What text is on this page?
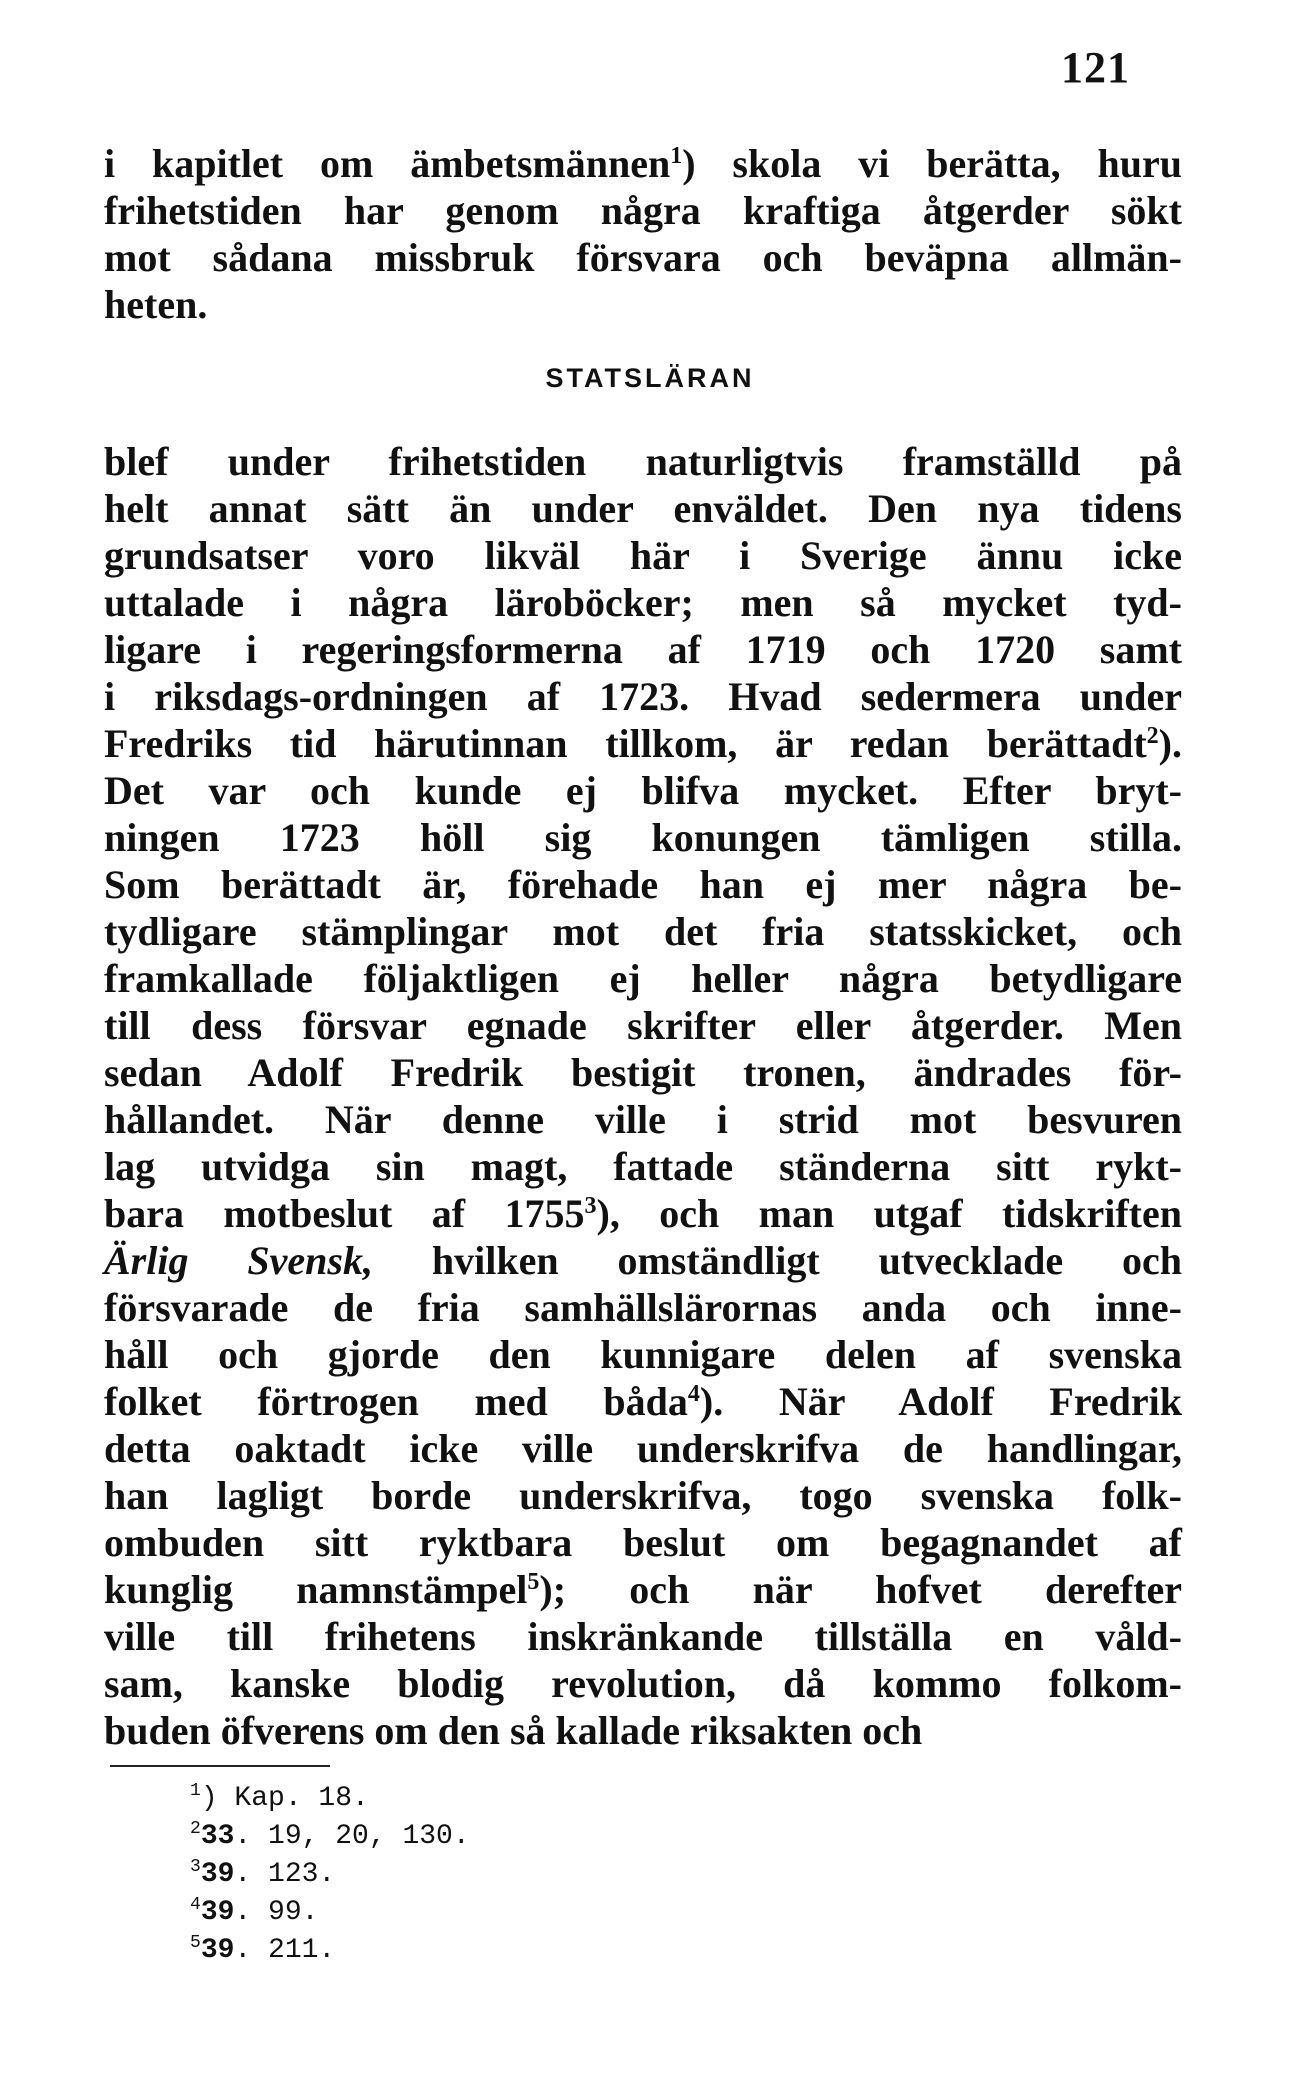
121
i kapitlet om ämbetsmännen$^1$) skola vi berätta, huru
frihetstiden har genom några kraftiga åtgerder sökt
mot sådana missbruk försvara och beväpna allmän-
heten.
STATSLÄRAN
blef under frihetstiden naturligtvis framställd på
helt annat sätt än under enväldet. Den nya tidens
grundsatser voro likväl här i Sverige ännu icke
uttalade i några läroböcker; men så mycket tyd-
ligare i regeringsformerna af 1719 och 1720 samt
i riksdags-ordningen af 1723. Hvad sedermera under
Fredriks tid härutinnan tillkom, är redan berättadt$^2$).
Det var och kunde ej blifva mycket. Efter bryt-
ningen 1723 höll sig konungen tämligen stilla.
Som berättadt är, förehade han ej mer några be-
tydligare stämplingar mot det fria statsskicket, och
framkallade följaktligen ej heller några betydligare
till dess försvar egnade skrifter eller åtgerder. Men
sedan Adolf Fredrik bestigit tronen, ändrades för-
hållandet. När denne ville i strid mot besvuren
lag utvidga sin magt, fattade ständerna sitt rykt-
bara motbeslut af 1755$^3$), och man utgaf tidskriften
Ärlig Svensk, hvilken omständligt utvecklade och
försvarade de fria samhällslärornas anda och inne-
håll och gjorde den kunnigare delen af svenska
folket förtrogen med båda$^4$). När Adolf Fredrik
detta oaktadt icke ville underskrifva de handlingar,
han lagligt borde underskrifva, togo svenska folk-
ombuden sitt ryktbara beslut om begagnandet af
kunglig namnstämpel$^5$); och när hofvet derefter
ville till frihetens inskränkande tillställa en våld-
sam, kanske blodig revolution, då kommo folkom-
buden öfverens om den så kallade riksakten och
$^1$) Kap. 18.
$^2$33. 19, 20, 130.
$^3$39. 123.
$^4$39. 99.
$^5$39. 211.
